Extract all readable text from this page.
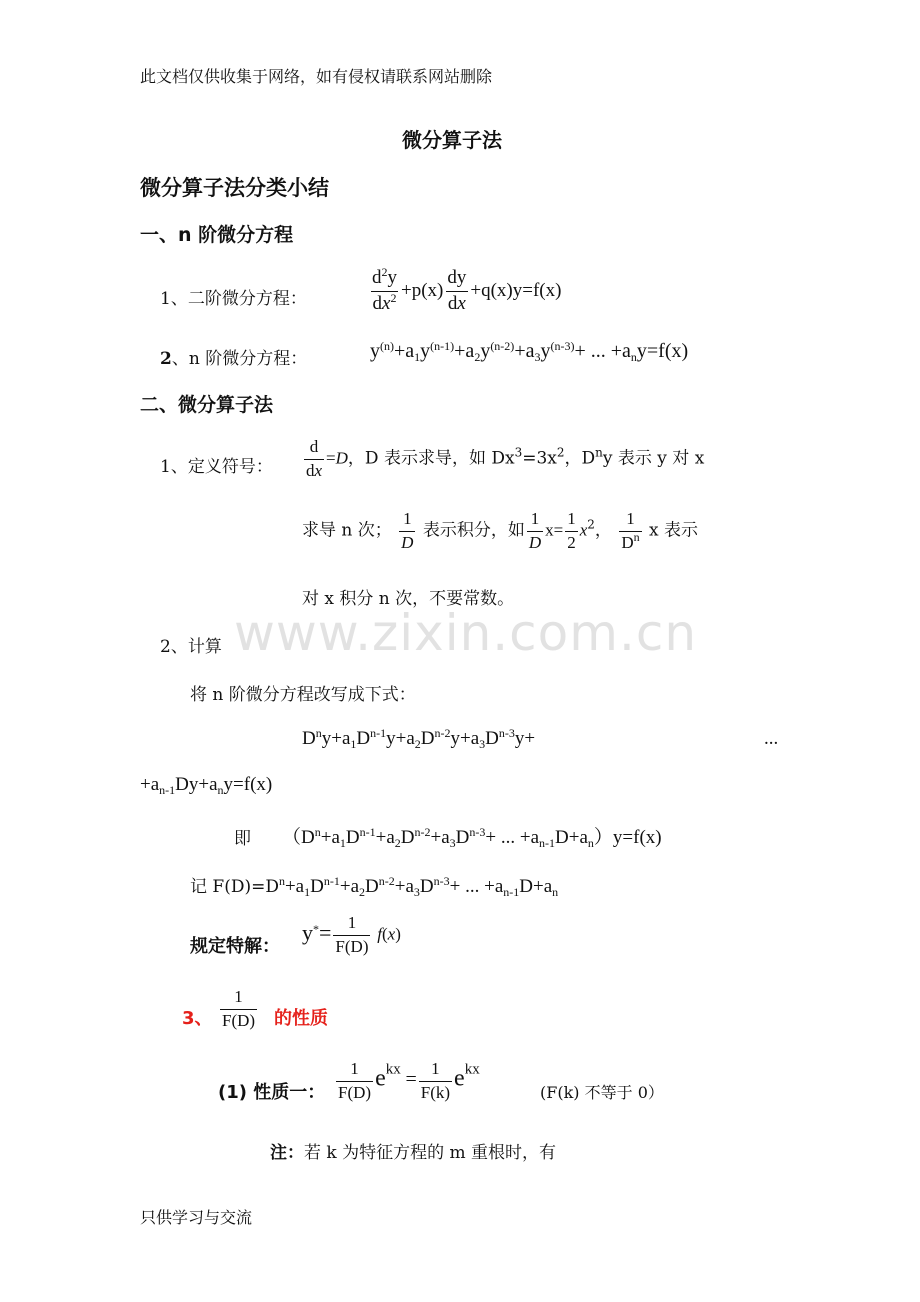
此文档仅供收集于网络，如有侵权请联系网站删除
只供学习与交流
www.zixin.com.cn
微分算子法
微分算子法分类小结
一、n 阶微分方程
1、二阶微分方程：	$\frac{d^2y}{dx^2} +p(x) \frac{dy}{dx} +q(x)y=f(x)$
2、n 阶微分方程：	$y^{(n)}+a_1y^{(n-1)}+a_2y^{(n-2)}+a_3y^{(n-3)}+$ ... $+a_ny=f(x)$
二、微分算子法
1、定义符号： $\frac{d}{dx} =D$，D 表示求导，如 $Dx^3=3x^2$，$D^ny$ 表示 y 对 x
求导 n 次； $\frac{1}{D}$ 表示积分，如 $\frac{1}{D} x= \frac{1}{2} x^2$， $\frac{1}{D^n}$ x 表示
对 x 积分 n 次，不要常数。
2、计算
将 n 阶微分方程改写成下式：
$D^ny+a_1D^{n-1}y+a_2D^{n-2}y+a_3D^{n-3}y+$	...
$+a_{n-1}Dy+a_ny=f(x)$
即 （$D^n+a_1D^{n-1}+a_2D^{n-2}+a_3D^{n-3}+$ ... $+a_{n-1}D+a_n)y=f(x)$
记 $F(D)=D^n+a_1D^{n-1}+a_2D^{n-2}+a_3D^{n-3}+$ ... $+a_{n-1}D+a_n$
规定特解：
$y^*= \frac{1}{F(D)} f(x)$
3、 $\frac{1}{F(D)}$ 的性质
(1) 性质一： $\frac{1}{F(D)} e^{kx} = \frac{1}{F(k)} e^{kx}$
(F(k) 不等于 0）
注：若 k 为特征方程的 m 重根时，有
